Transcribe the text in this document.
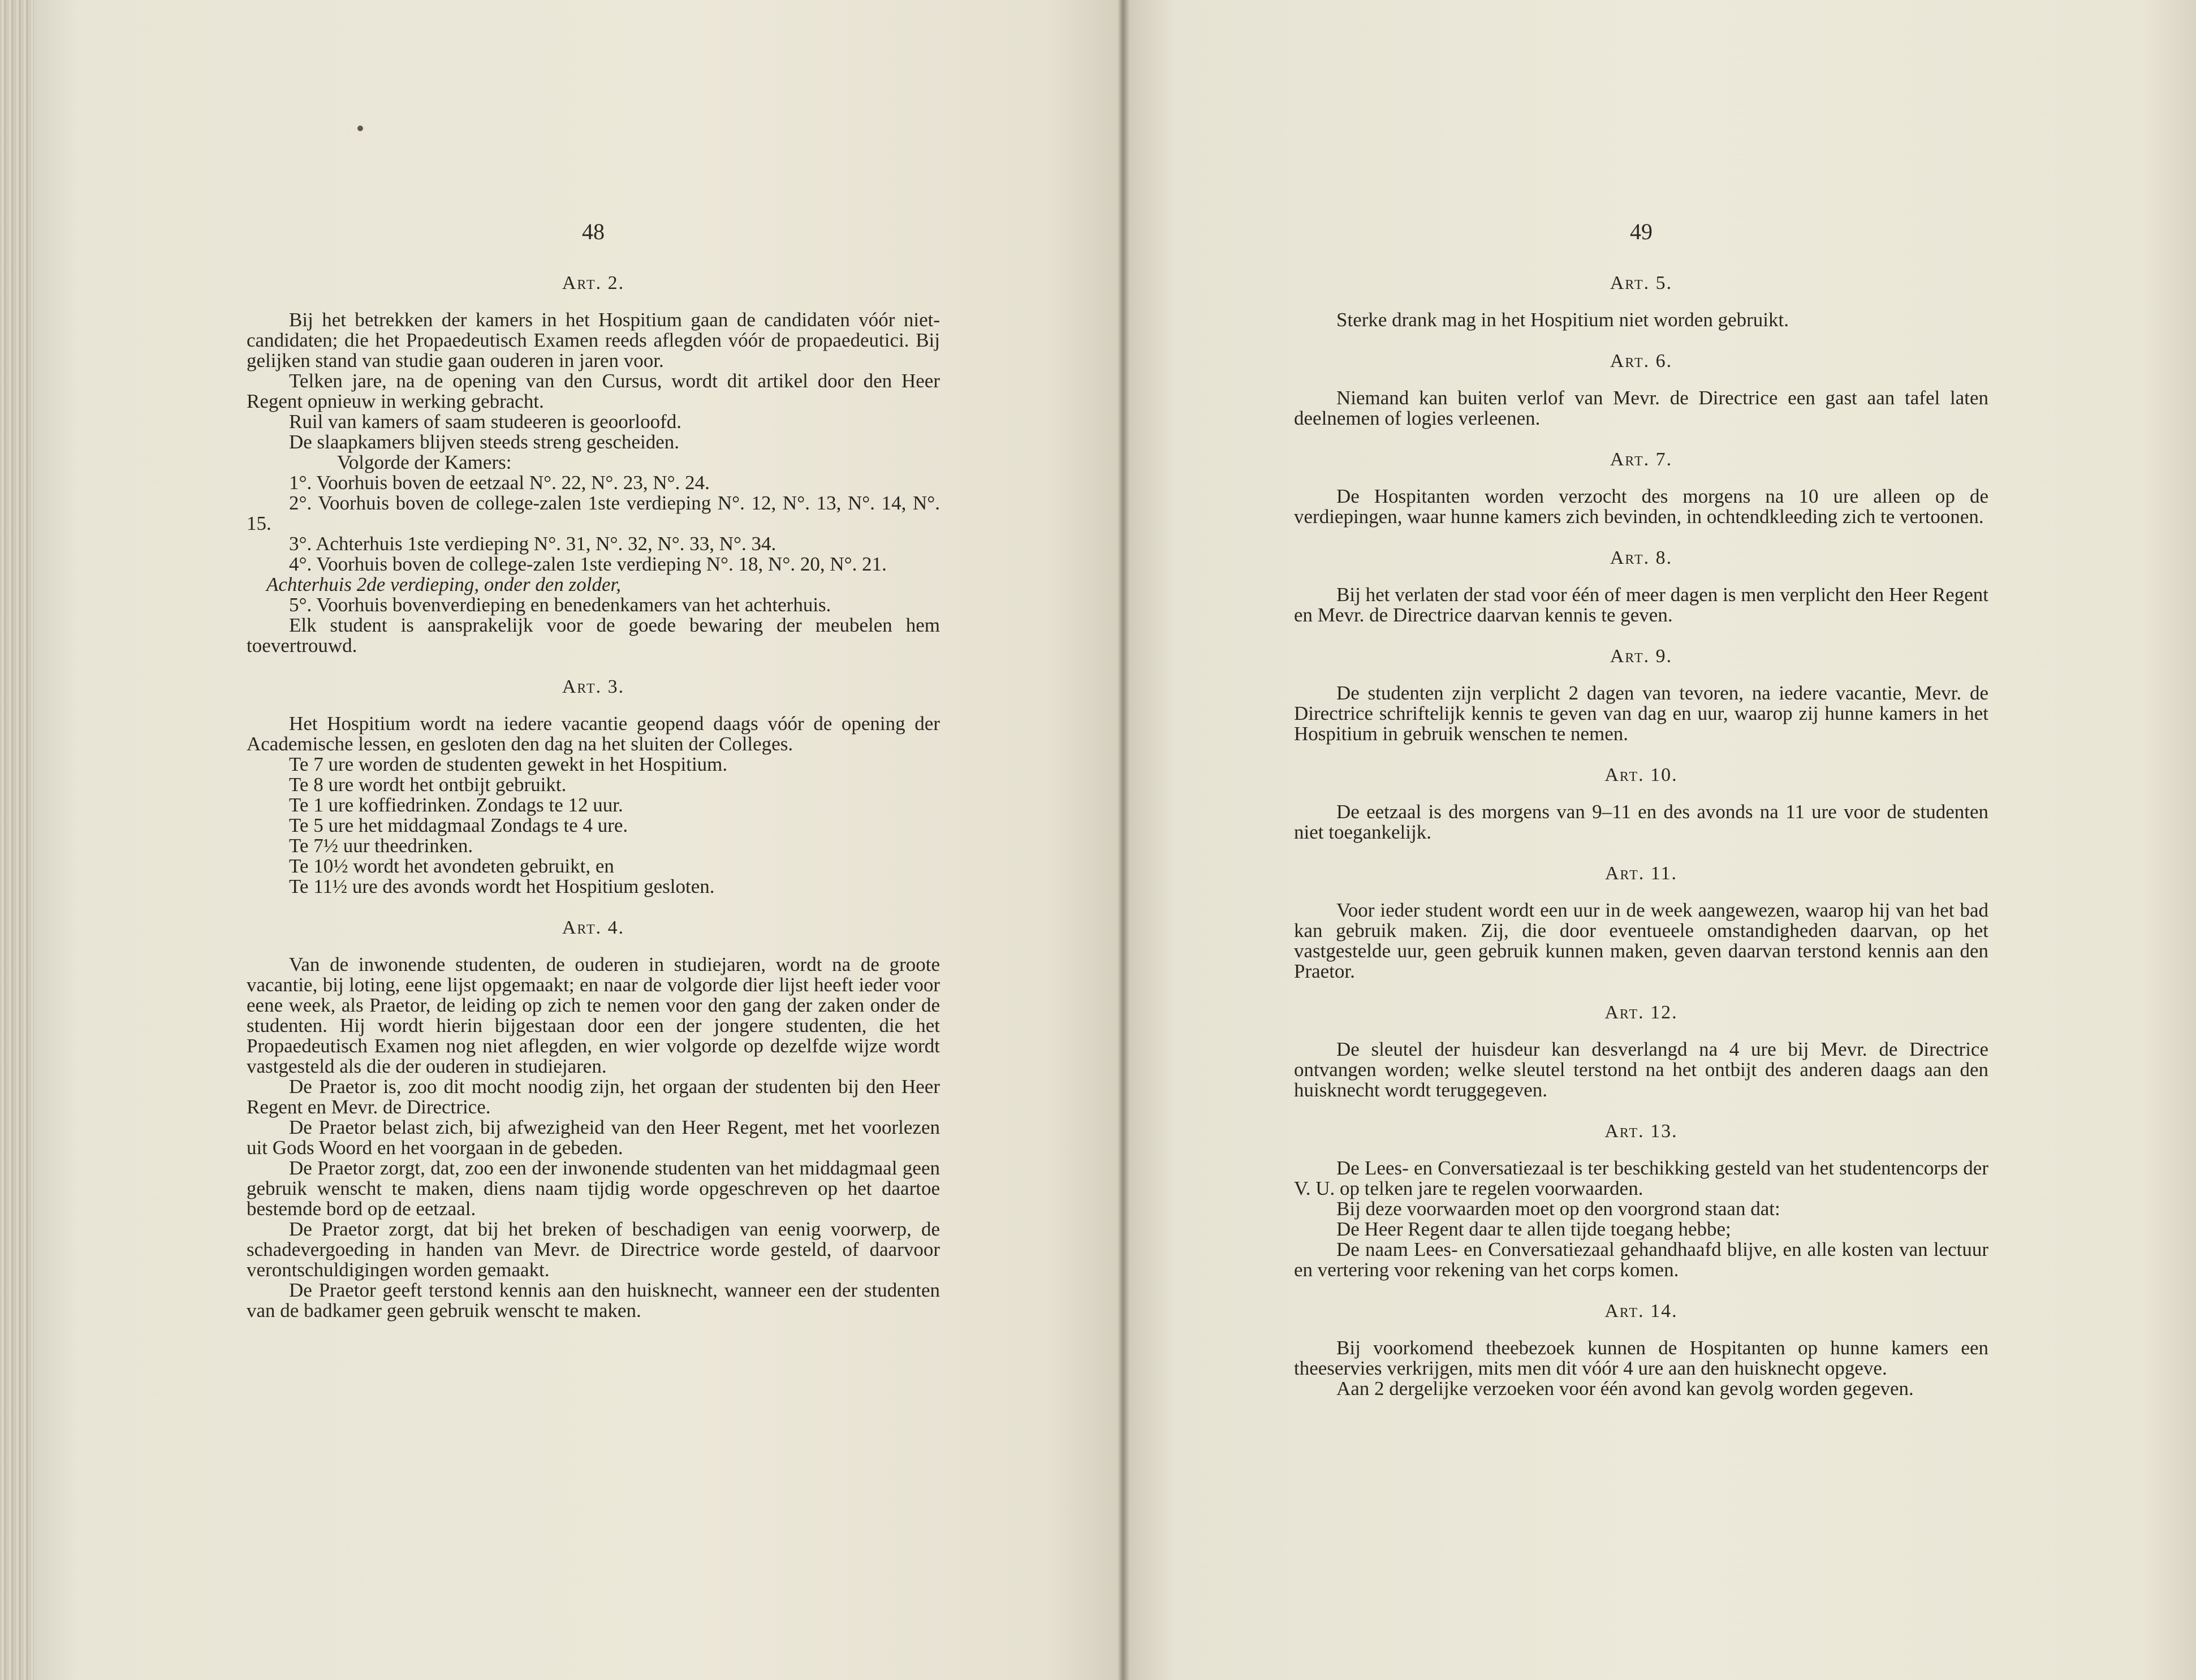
48
Art. 2.

Bij het betrekken der kamers in het Hospitium gaan de candidaten vóór niet-candidaten; die het Propaedeutisch Examen reeds aflegden vóór de propaedeutici. Bij gelijken stand van studie gaan ouderen in jaren voor.

Telken jare, na de opening van den Cursus, wordt dit artikel door den Heer Regent opnieuw in werking gebracht.

Ruil van kamers of saam studeeren is geoorloofd.

De slaapkamers blijven steeds streng gescheiden.

Volgorde der Kamers:

1°. Voorhuis boven de eetzaal N°. 22, N°. 23, N°. 24.

2°. Voorhuis boven de college-zalen 1ste verdieping N°. 12, N°. 13, N°. 14, N°. 15.

3°. Achterhuis 1ste verdieping N°. 31, N°. 32, N°. 33, N°. 34.

4°. Voorhuis boven de college-zalen 1ste verdieping N°. 18, N°. 20, N°. 21.

Achterhuis 2de verdieping, onder den zolder,

5°. Voorhuis bovenverdieping en benedenkamers van het achterhuis.

Elk student is aansprakelijk voor de goede bewaring der meubelen hem toevertrouwd.

Art. 3.

Het Hospitium wordt na iedere vacantie geopend daags vóór de opening der Academische lessen, en gesloten den dag na het sluiten der Colleges.

Te 7 ure worden de studenten gewekt in het Hospitium.

Te 8 ure wordt het ontbijt gebruikt.

Te 1 ure koffiedrinken. Zondags te 12 uur.

Te 5 ure het middagmaal Zondags te 4 ure.

Te 7½ uur theedrinken.

Te 10½ wordt het avondeten gebruikt, en

Te 11½ ure des avonds wordt het Hospitium gesloten.

Art. 4.

Van de inwonende studenten, de ouderen in studiejaren, wordt na de groote vacantie, bij loting, eene lijst opgemaakt; en naar de volgorde dier lijst heeft ieder voor eene week, als Praetor, de leiding op zich te nemen voor den gang der zaken onder de studenten. Hij wordt hierin bijgestaan door een der jongere studenten, die het Propaedeutisch Examen nog niet aflegden, en wier volgorde op dezelfde wijze wordt vastgesteld als die der ouderen in studiejaren.

De Praetor is, zoo dit mocht noodig zijn, het orgaan der studenten bij den Heer Regent en Mevr. de Directrice.

De Praetor belast zich, bij afwezigheid van den Heer Regent, met het voorlezen uit Gods Woord en het voorgaan in de gebeden.

De Praetor zorgt, dat, zoo een der inwonende studenten van het middagmaal geen gebruik wenscht te maken, diens naam tijdig worde opgeschreven op het daartoe bestemde bord op de eetzaal.

De Praetor zorgt, dat bij het breken of beschadigen van eenig voorwerp, de schadevergoeding in handen van Mevr. de Directrice worde gesteld, of daarvoor verontschuldigingen worden gemaakt.

De Praetor geeft terstond kennis aan den huisknecht, wanneer een der studenten van de badkamer geen gebruik wenscht te maken.

49
Art. 5.

Sterke drank mag in het Hospitium niet worden gebruikt.

Art. 6.

Niemand kan buiten verlof van Mevr. de Directrice een gast aan tafel laten deelnemen of logies verleenen.

Art. 7.

De Hospitanten worden verzocht des morgens na 10 ure alleen op de verdiepingen, waar hunne kamers zich bevinden, in ochtendkleeding zich te vertoonen.

Art. 8.

Bij het verlaten der stad voor één of meer dagen is men verplicht den Heer Regent en Mevr. de Directrice daarvan kennis te geven.

Art. 9.

De studenten zijn verplicht 2 dagen van tevoren, na iedere vacantie, Mevr. de Directrice schriftelijk kennis te geven van dag en uur, waarop zij hunne kamers in het Hospitium in gebruik wenschen te nemen.

Art. 10.

De eetzaal is des morgens van 9–11 en des avonds na 11 ure voor de studenten niet toegankelijk.

Art. 11.

Voor ieder student wordt een uur in de week aangewezen, waarop hij van het bad kan gebruik maken. Zij, die door eventueele omstandigheden daarvan, op het vastgestelde uur, geen gebruik kunnen maken, geven daarvan terstond kennis aan den Praetor.

Art. 12.

De sleutel der huisdeur kan desverlangd na 4 ure bij Mevr. de Directrice ontvangen worden; welke sleutel terstond na het ontbijt des anderen daags aan den huisknecht wordt teruggegeven.

Art. 13.

De Lees- en Conversatiezaal is ter beschikking gesteld van het studentencorps der V. U. op telken jare te regelen voorwaarden.

Bij deze voorwaarden moet op den voorgrond staan dat:

De Heer Regent daar te allen tijde toegang hebbe;

De naam Lees- en Conversatiezaal gehandhaafd blijve, en alle kosten van lectuur en vertering voor rekening van het corps komen.

Art. 14.

Bij voorkomend theebezoek kunnen de Hospitanten op hunne kamers een theeservies verkrijgen, mits men dit vóór 4 ure aan den huisknecht opgeve.

Aan 2 dergelijke verzoeken voor één avond kan gevolg worden gegeven.
